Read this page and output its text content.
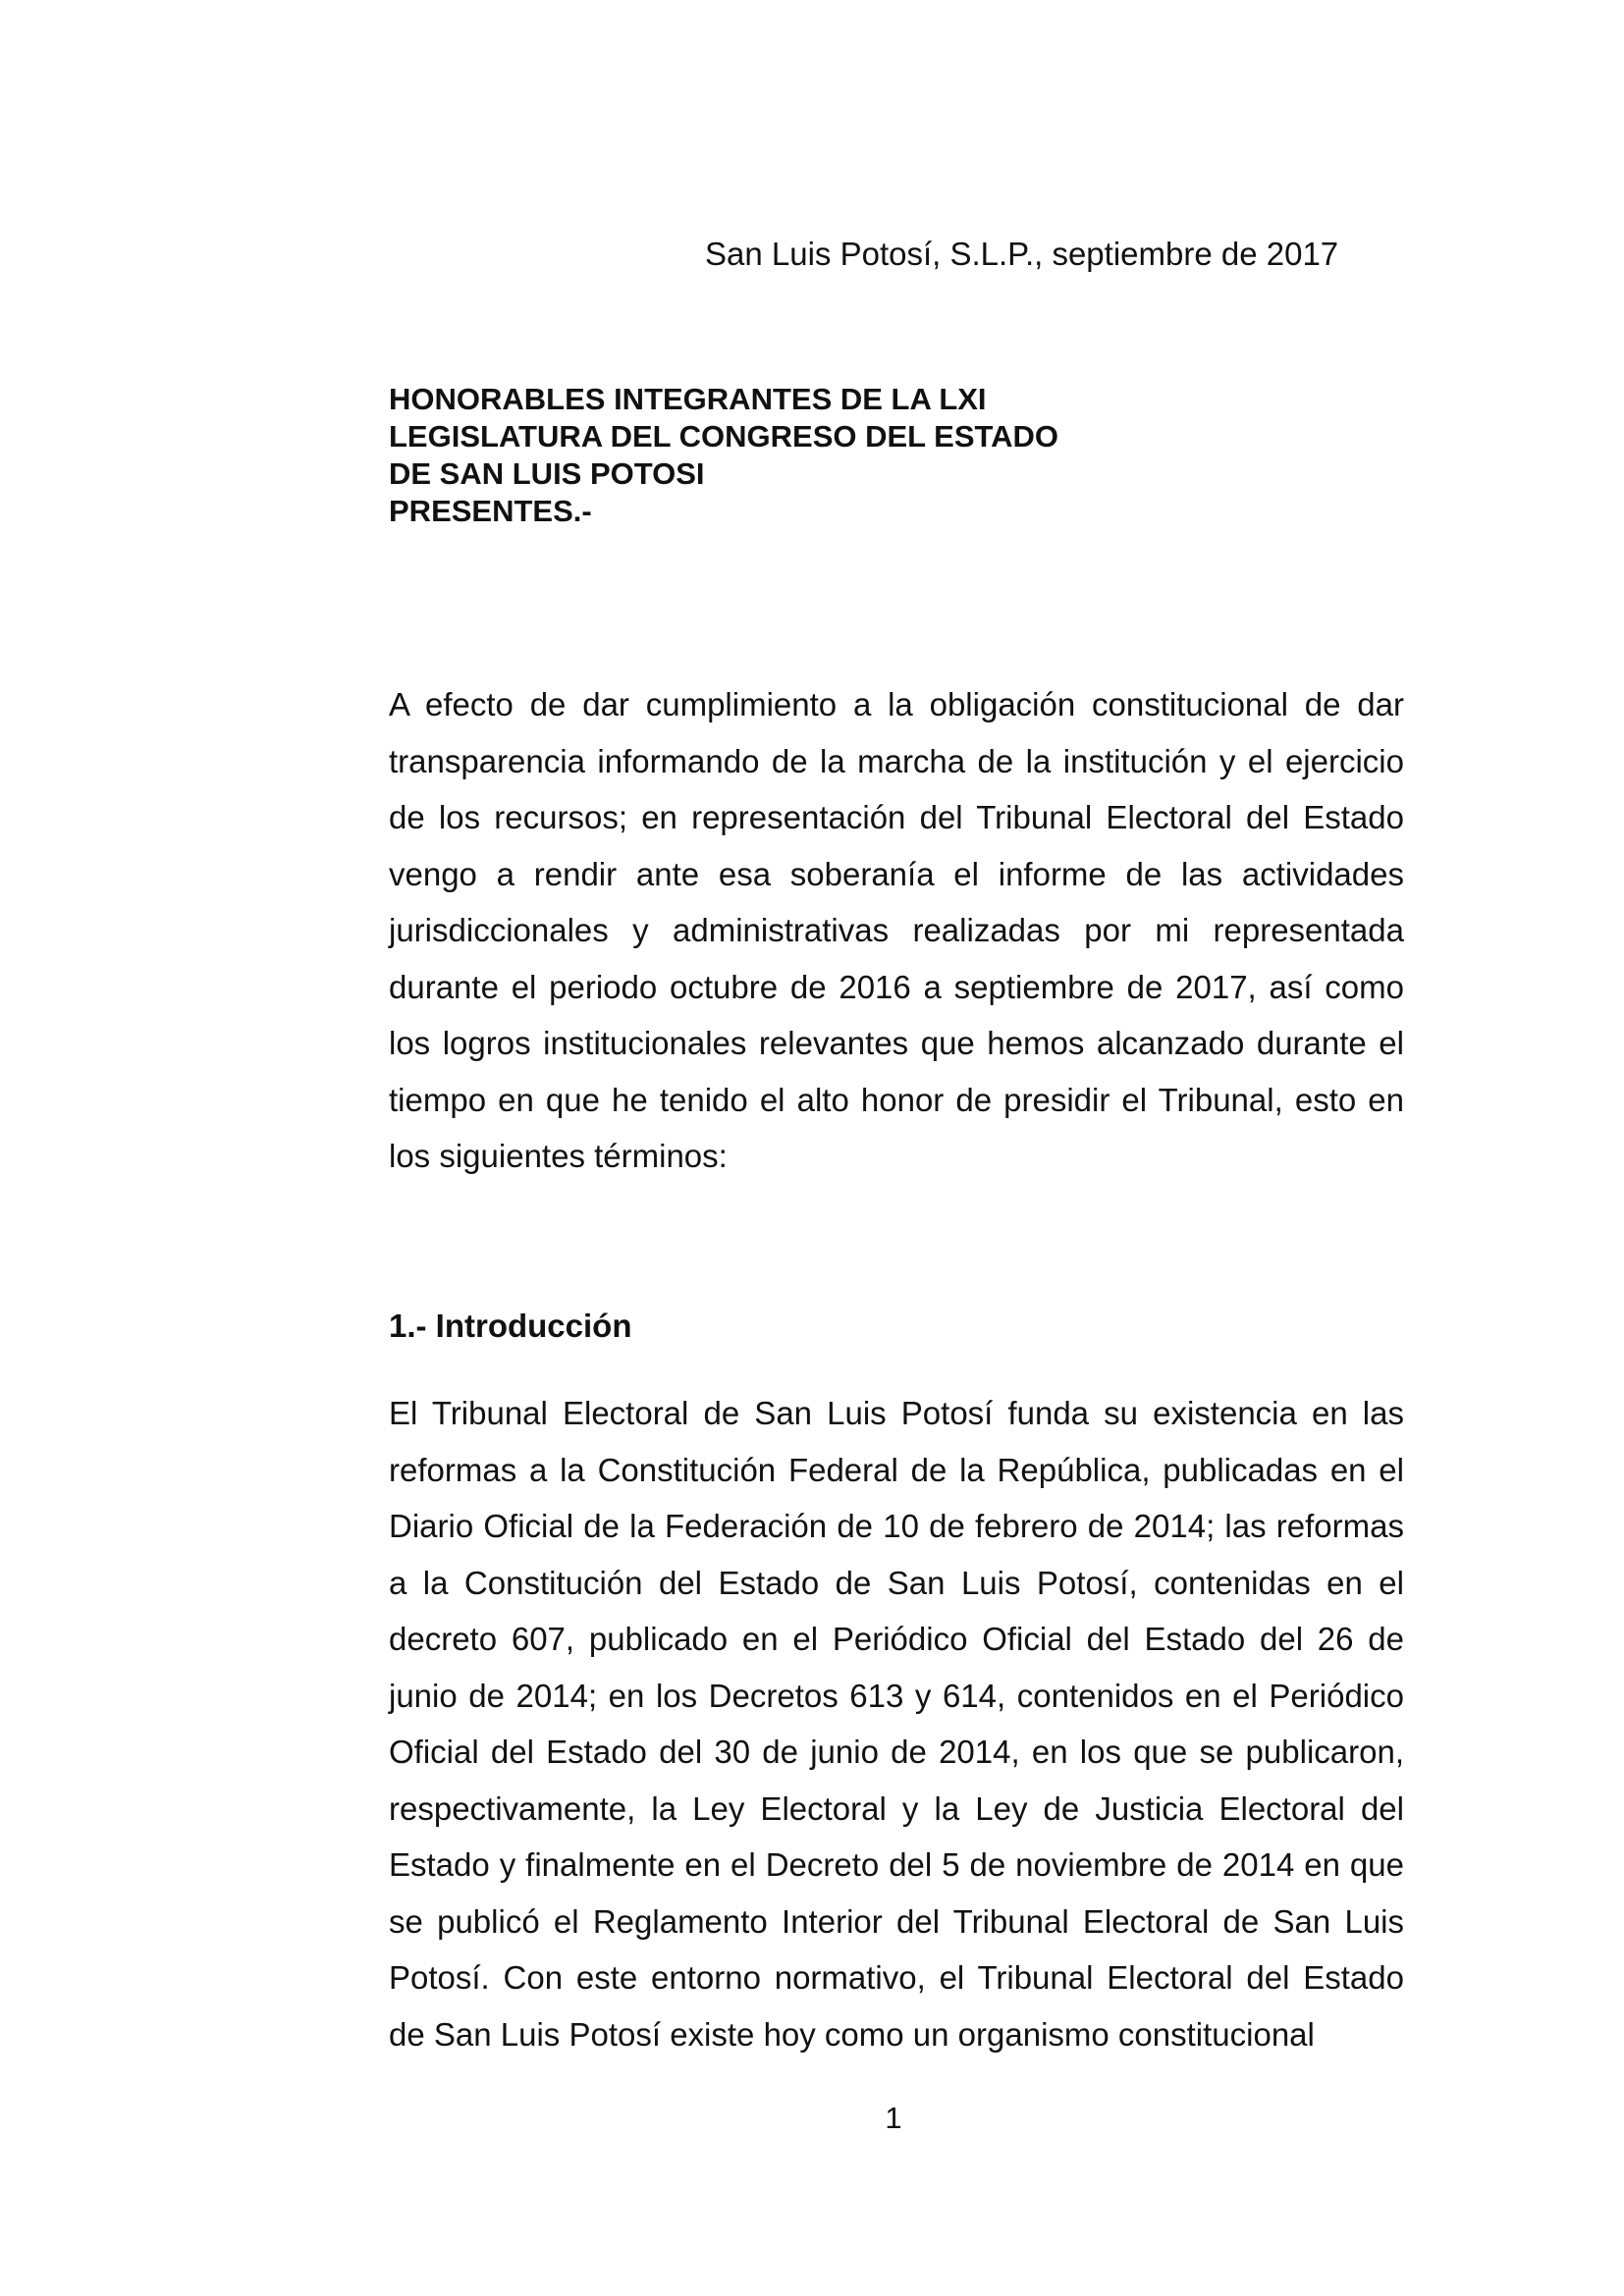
San Luis Potosí, S.L.P., septiembre de 2017
HONORABLES INTEGRANTES DE LA LXI
LEGISLATURA DEL CONGRESO DEL ESTADO
DE SAN LUIS POTOSI
PRESENTES.-

A efecto de dar cumplimiento a la obligación constitucional de dar transparencia informando de la marcha de la institución y el ejercicio de los recursos; en representación del Tribunal Electoral del Estado vengo a rendir ante esa soberanía el informe de las actividades jurisdiccionales y administrativas realizadas por mi representada durante el periodo octubre de 2016 a septiembre de 2017, así como los logros institucionales relevantes que hemos alcanzado durante el tiempo en que he tenido el alto honor de presidir el Tribunal, esto en los siguientes términos:

1.- Introducción

El Tribunal Electoral de San Luis Potosí funda su existencia en las reformas a la Constitución Federal de la República, publicadas en el Diario Oficial de la Federación de 10 de febrero de 2014; las reformas a la Constitución del Estado de San Luis Potosí, contenidas en el decreto 607, publicado en el Periódico Oficial del Estado del 26 de junio de 2014; en los Decretos 613 y 614, contenidos en el Periódico Oficial del Estado del 30 de junio de 2014, en los que se publicaron, respectivamente, la Ley Electoral y la Ley de Justicia Electoral del Estado y finalmente en el Decreto del 5 de noviembre de 2014 en que se publicó el Reglamento Interior del Tribunal Electoral de San Luis Potosí. Con este entorno normativo, el Tribunal Electoral del Estado de San Luis Potosí existe hoy como un organismo constitucional

1
